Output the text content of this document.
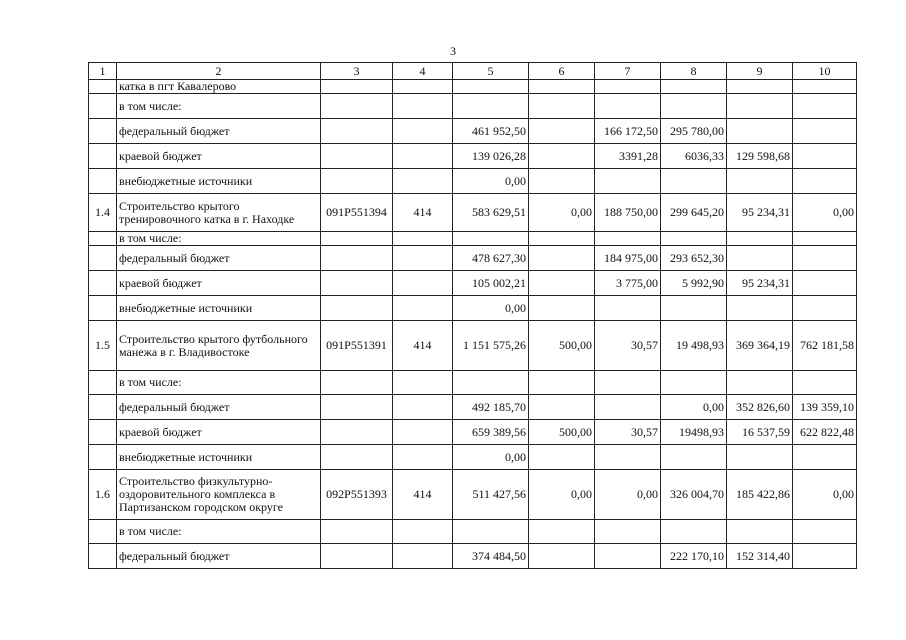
3
1	2	3	4	5	6	7	8	9	10
	катка в пгт Кавалерово								
	в том числе:								
	федеральный бюджет			461 952,50		166 172,50	295 780,00		
	краевой бюджет			139 026,28		3391,28	6036,33	129 598,68	
	внебюджетные источники			0,00					
1.4	Строительство крытого тренировочного катка в г. Находке	091P551394	414	583 629,51	0,00	188 750,00	299 645,20	95 234,31	0,00
	в том числе:								
	федеральный бюджет			478 627,30		184 975,00	293 652,30		
	краевой бюджет			105 002,21		3 775,00	5 992,90	95 234,31	
	внебюджетные источники			0,00					
1.5	Строительство крытого футбольного манежа в г. Владивостоке	091P551391	414	1 151 575,26	500,00	30,57	19 498,93	369 364,19	762 181,58
	в том числе:								
	федеральный бюджет			492 185,70			0,00	352 826,60	139 359,10
	краевой бюджет			659 389,56	500,00	30,57	19498,93	16 537,59	622 822,48
	внебюджетные источники			0,00					
1.6	Строительство физкультурно-оздоровительного комплекса в Партизанском городском округе	092P551393	414	511 427,56	0,00	0,00	326 004,70	185 422,86	0,00
	в том числе:								
	федеральный бюджет			374 484,50			222 170,10	152 314,40	
